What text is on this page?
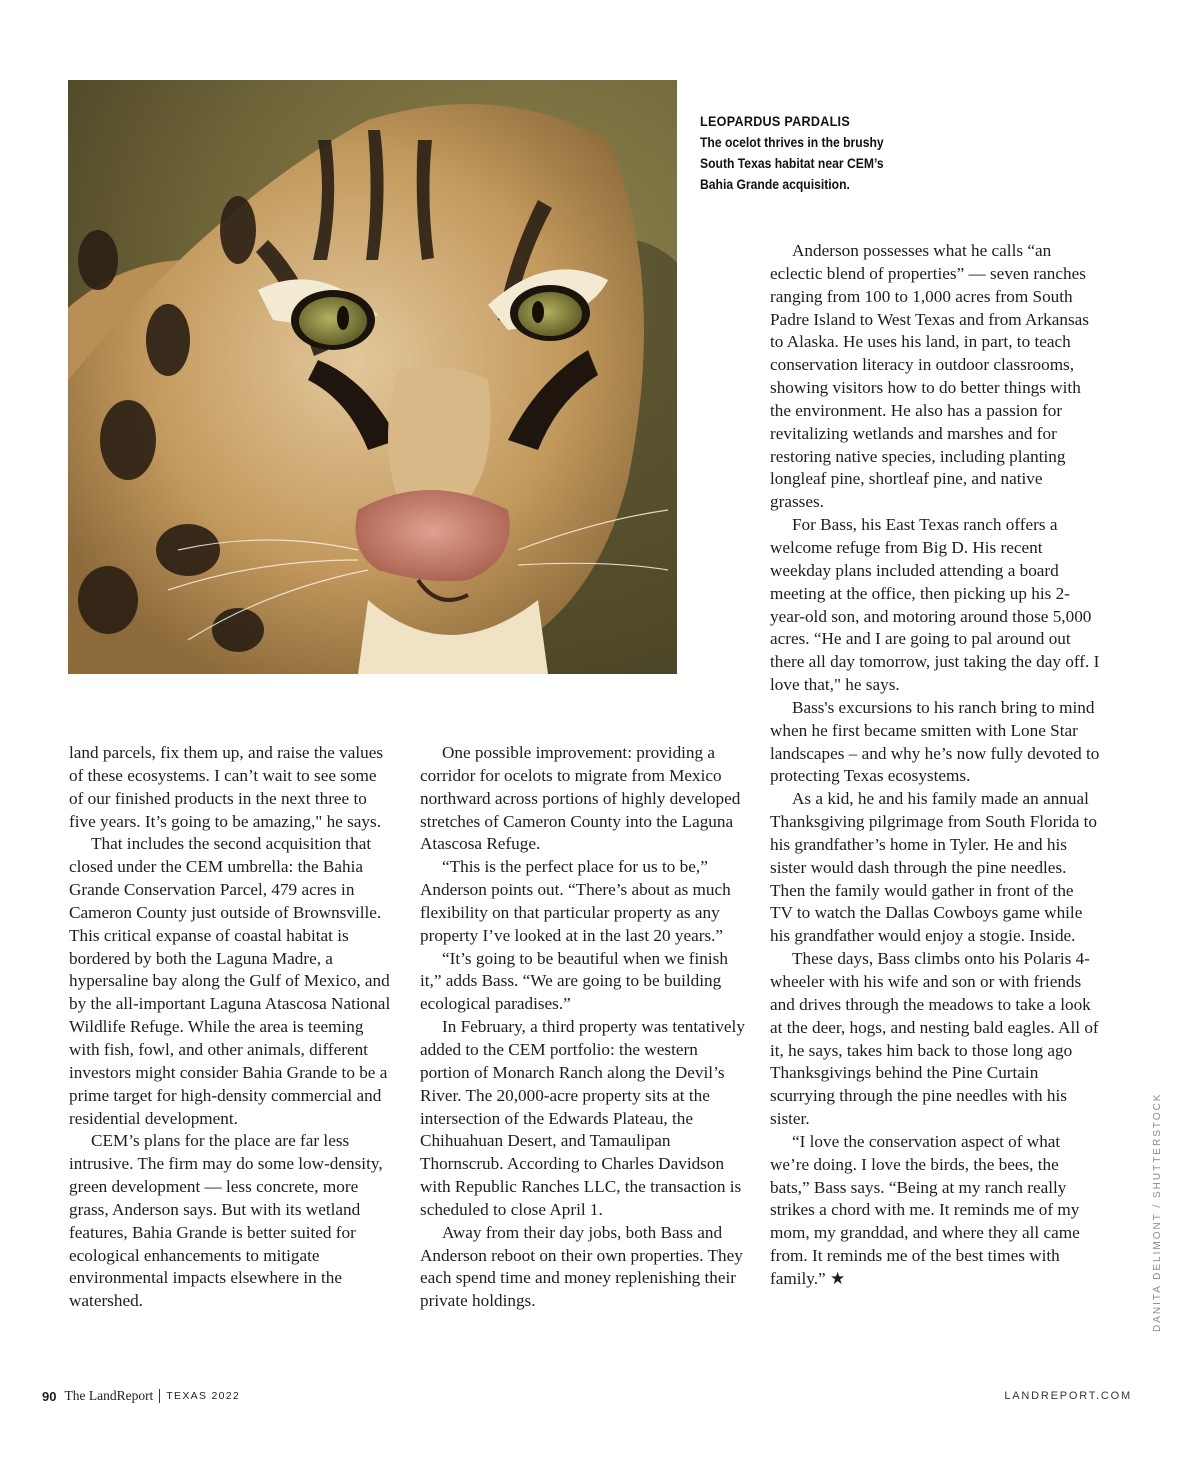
LEOPARDUS PARDALIS
The ocelot thrives in the brushy
South Texas habitat near CEM’s
Bahia Grande acquisition.

Anderson possesses what he calls “an eclectic blend of properties” — seven ranches ranging from 100 to 1,000 acres from South Padre Island to West Texas and from Arkansas to Alaska. He uses his land, in part, to teach conservation literacy in outdoor classrooms, showing visitors how to do better things with the environment. He also has a passion for revitalizing wetlands and marshes and for restoring native species, including planting longleaf pine, shortleaf pine, and native grasses.

For Bass, his East Texas ranch offers a welcome refuge from Big D. His recent weekday plans included attending a board meeting at the office, then picking up his 2-year-old son, and motoring around those 5,000 acres. “He and I are going to pal around out there all day tomorrow, just taking the day off. I love that," he says.

Bass's excursions to his ranch bring to mind when he first became smitten with Lone Star landscapes – and why he’s now fully devoted to protecting Texas ecosystems.

As a kid, he and his family made an annual Thanksgiving pilgrimage from South Florida to his grandfather’s home in Tyler. He and his sister would dash through the pine needles. Then the family would gather in front of the TV to watch the Dallas Cowboys game while his grandfather would enjoy a stogie. Inside.

These days, Bass climbs onto his Polaris 4-wheeler with his wife and son or with friends and drives through the meadows to take a look at the deer, hogs, and nesting bald eagles. All of it, he says, takes him back to those long ago Thanksgivings behind the Pine Curtain scurrying through the pine needles with his sister.

“I love the conservation aspect of what we’re doing. I love the birds, the bees, the bats,” Bass says. “Being at my ranch really strikes a chord with me. It reminds me of my mom, my granddad, and where they all came from. It reminds me of the best times with family.” ★

land parcels, fix them up, and raise the values of these ecosystems. I can’t wait to see some of our finished products in the next three to five years. It’s going to be amazing," he says.

That includes the second acquisition that closed under the CEM umbrella: the Bahia Grande Conservation Parcel, 479 acres in Cameron County just outside of Brownsville. This critical expanse of coastal habitat is bordered by both the Laguna Madre, a hypersaline bay along the Gulf of Mexico, and by the all-important Laguna Atascosa National Wildlife Refuge. While the area is teeming with fish, fowl, and other animals, different investors might consider Bahia Grande to be a prime target for high-density commercial and residential development.

CEM’s plans for the place are far less intrusive. The firm may do some low-density, green development — less concrete, more grass, Anderson says. But with its wetland features, Bahia Grande is better suited for ecological enhancements to mitigate environmental impacts elsewhere in the watershed.

One possible improvement: providing a corridor for ocelots to migrate from Mexico northward across portions of highly developed stretches of Cameron County into the Laguna Atascosa Refuge.

“This is the perfect place for us to be,” Anderson points out. “There’s about as much flexibility on that particular property as any property I’ve looked at in the last 20 years.”

“It’s going to be beautiful when we finish it,” adds Bass. “We are going to be building ecological paradises.”

In February, a third property was tentatively added to the CEM portfolio: the western portion of Monarch Ranch along the Devil’s River. The 20,000-acre property sits at the intersection of the Edwards Plateau, the Chihuahuan Desert, and Tamaulipan Thornscrub. According to Charles Davidson with Republic Ranches LLC, the transaction is scheduled to close April 1.

Away from their day jobs, both Bass and Anderson reboot on their own properties. They each spend time and money replenishing their private holdings.	DANITA DELIMONT / SHUTTERSTOCK
90 The LandReport TEXAS 2022	LANDREPORT.COM
